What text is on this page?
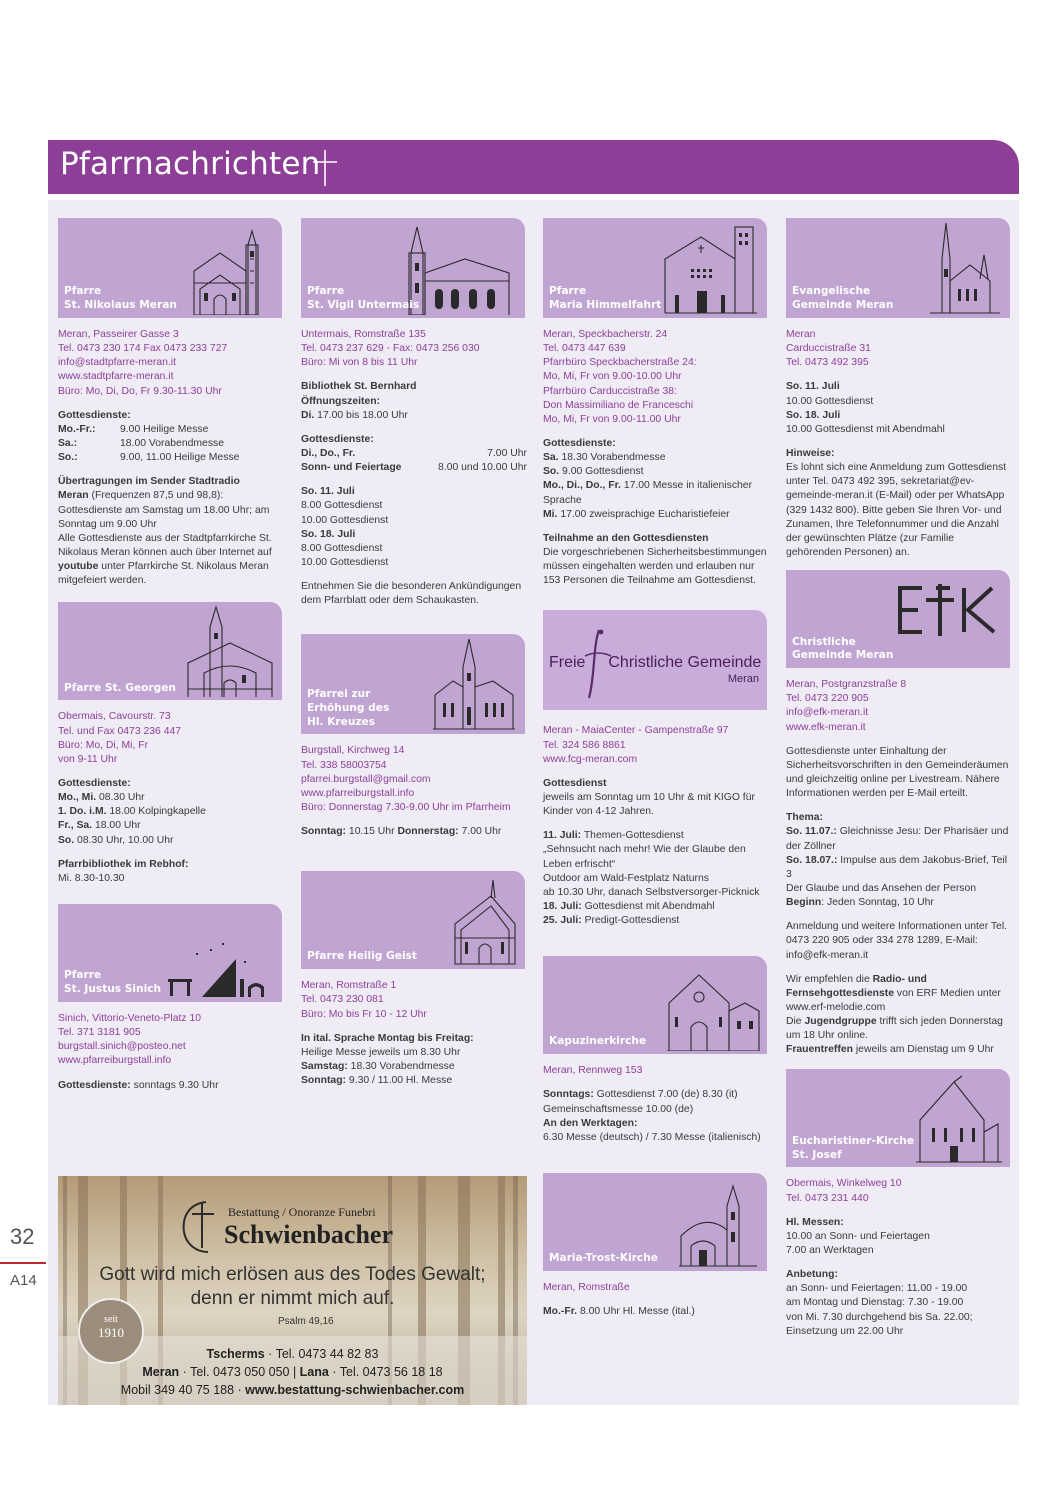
Pfarrnachrichten
32
A14
Pfarre
St. Nikolaus Meran
Meran, Passeirer Gasse 3
Tel. 0473 230 174 Fax 0473 233 727
info@stadtpfarre-meran.it
www.stadtpfarre-meran.it
Büro: Mo, Di, Do, Fr 9.30-11.30 Uhr
Gottesdienste:
Mo.-Fr.:	9.00 Heilige Messe
Sa.:	18.00 Vorabendmesse
So.:	9.00, 11.00 Heilige Messe
Übertragungen im Sender Stadtradio
Meran (Frequenzen 87,5 und 98,8): Gottesdienste am Samstag um 18.00 Uhr; am Sonntag um 9.00 Uhr
Alle Gottesdienste aus der Stadtpfarrkirche St. Nikolaus Meran können auch über Internet auf youtube unter Pfarrkirche St. Nikolaus Meran mitgefeiert werden.
Pfarre St. Georgen
Obermais, Cavourstr. 73
Tel. und Fax 0473 236 447
Büro: Mo, Di, Mi, Fr
von 9-11 Uhr
Gottesdienste:
Mo., Mi. 08.30 Uhr
1. Do. i.M. 18.00 Kolpingkapelle
Fr., Sa. 18.00 Uhr
So. 08.30 Uhr, 10.00 Uhr
Pfarrbibliothek im Rebhof:
Mi. 8.30-10.30
Pfarre
St. Justus Sinich
Sinich, Vittorio-Veneto-Platz 10
Tel. 371 3181 905
burgstall.sinich@posteo.net
www.pfarreiburgstall.info
Gottesdienste: sonntags 9.30 Uhr
Pfarre
St. Vigil Untermais
Untermais, Romstraße 135
Tel. 0473 237 629 - Fax: 0473 256 030
Büro: Mi von 8 bis 11 Uhr
Bibliothek St. Bernhard
Öffnungszeiten:
Di. 17.00 bis 18.00 Uhr
Gottesdienste:
Di., Do., Fr.	7.00 Uhr
Sonn- und Feiertage	8.00 und 10.00 Uhr
So. 11. Juli
8.00 Gottesdienst
10.00 Gottesdienst
So. 18. Juli
8.00 Gottesdienst
10.00 Gottesdienst
Entnehmen Sie die besonderen Ankündigungen dem Pfarrblatt oder dem Schaukasten.
Pfarrei zur
Erhöhung des
Hl. Kreuzes
Burgstall, Kirchweg 14
Tel. 338 58003754
pfarrei.burgstall@gmail.com
www.pfarreiburgstall.info
Büro: Donnerstag 7.30-9.00 Uhr im Pfarrheim
Sonntag: 10.15 Uhr Donnerstag: 7.00 Uhr
Pfarre Heilig Geist
Meran, Romstraße 1
Tel. 0473 230 081
Büro: Mo bis Fr 10 - 12 Uhr
In ital. Sprache Montag bis Freitag:
Heilige Messe jeweils um 8.30 Uhr
Samstag: 18.30 Vorabendmesse
Sonntag: 9.30 / 11.00 Hl. Messe
Pfarre
Maria Himmelfahrt
Meran, Speckbacherstr. 24
Tel. 0473 447 639
Pfarrbüro Speckbacherstraße 24:
Mo, Mi, Fr von 9.00-10.00 Uhr
Pfarrbüro Carduccistraße 38:
Don Massimiliano de Franceschi
Mo, Mi, Fr von 9.00-11.00 Uhr
Gottesdienste:
Sa. 18.30 Vorabendmesse
So. 9.00 Gottesdienst
Mo., Di., Do., Fr. 17.00 Messe in italienischer Sprache
Mi. 17.00 zweisprachige Eucharistiefeier
Teilnahme an den Gottesdiensten
Die vorgeschriebenen Sicherheitsbestimmungen müssen eingehalten werden und erlauben nur 153 Personen die Teilnahme am Gottesdienst.
Freie Christliche Gemeinde
Meran
Meran - MaiaCenter - Gampenstraße 97
Tel. 324 586 8861
www.fcg-meran.com
Gottesdienst
jeweils am Sonntag um 10 Uhr & mit KIGO für Kinder von 4-12 Jahren.
11. Juli: Themen-Gottesdienst
„Sehnsucht nach mehr! Wie der Glaube den Leben erfrischt“
Outdoor am Wald-Festplatz Naturns
ab 10.30 Uhr, danach Selbstversorger-Picknick
18. Juli: Gottesdienst mit Abendmahl
25. Juli: Predigt-Gottesdienst
Kapuzinerkirche
Meran, Rennweg 153
Sonntags: Gottesdienst 7.00 (de) 8.30 (it)
Gemeinschaftsmesse 10.00 (de)
An den Werktagen:
6.30 Messe (deutsch) / 7.30 Messe (italienisch)
Maria-Trost-Kirche
Meran, Romstraße
Mo.-Fr. 8.00 Uhr Hl. Messe (ital.)
Evangelische
Gemeinde Meran
Meran
Carduccistraße 31
Tel. 0473 492 395
So. 11. Juli
10.00 Gottesdienst
So. 18. Juli
10.00 Gottesdienst mit Abendmahl
Hinweise:
Es lohnt sich eine Anmeldung zum Gottesdienst unter Tel. 0473 492 395, sekretariat@ev-gemeinde-meran.it (E-Mail) oder per WhatsApp (329 1432 800). Bitte geben Sie Ihren Vor- und Zunamen, Ihre Telefonnummer und die Anzahl der gewünschten Plätze (zur Familie gehörenden Personen) an.
Christliche
Gemeinde Meran
Meran, Postgranzstraße 8
Tel. 0473 220 905
info@efk-meran.it
www.efk-meran.it
Gottesdienste unter Einhaltung der Sicherheitsvorschriften in den Gemeinderäumen und gleichzeitig online per Livestream. Nähere Informationen werden per E-Mail erteilt.
Thema:
So. 11.07.: Gleichnisse Jesu: Der Pharisäer und der Zöllner
So. 18.07.: Impulse aus dem Jakobus-Brief, Teil 3
Der Glaube und das Ansehen der Person
Beginn: Jeden Sonntag, 10 Uhr
Anmeldung und weitere Informationen unter Tel. 0473 220 905 oder 334 278 1289, E-Mail: info@efk-meran.it
Wir empfehlen die Radio- und Fernsehgottesdienste von ERF Medien unter www.erf-melodie.com
Die Jugendgruppe trifft sich jeden Donnerstag um 18 Uhr online.
Frauentreffen jeweils am Dienstag um 9 Uhr
Eucharistiner-Kirche
St. Josef
Obermais, Winkelweg 10
Tel. 0473 231 440
Hl. Messen:
10.00 an Sonn- und Feiertagen
7.00 an Werktagen
Anbetung:
an Sonn- und Feiertagen: 11.00 - 19.00
am Montag und Dienstag: 7.30 - 19.00
von Mi. 7.30 durchgehend bis Sa. 22.00;
Einsetzung um 22.00 Uhr
Bestattung / Onoranze Funebri
Schwienbacher
Gott wird mich erlösen aus des Todes Gewalt;
denn er nimmt mich auf.
Psalm 49,16
seit
1910
Tscherms · Tel. 0473 44 82 83
Meran · Tel. 0473 050 050 | Lana · Tel. 0473 56 18 18
Mobil 349 40 75 188 · www.bestattung-schwienbacher.com
